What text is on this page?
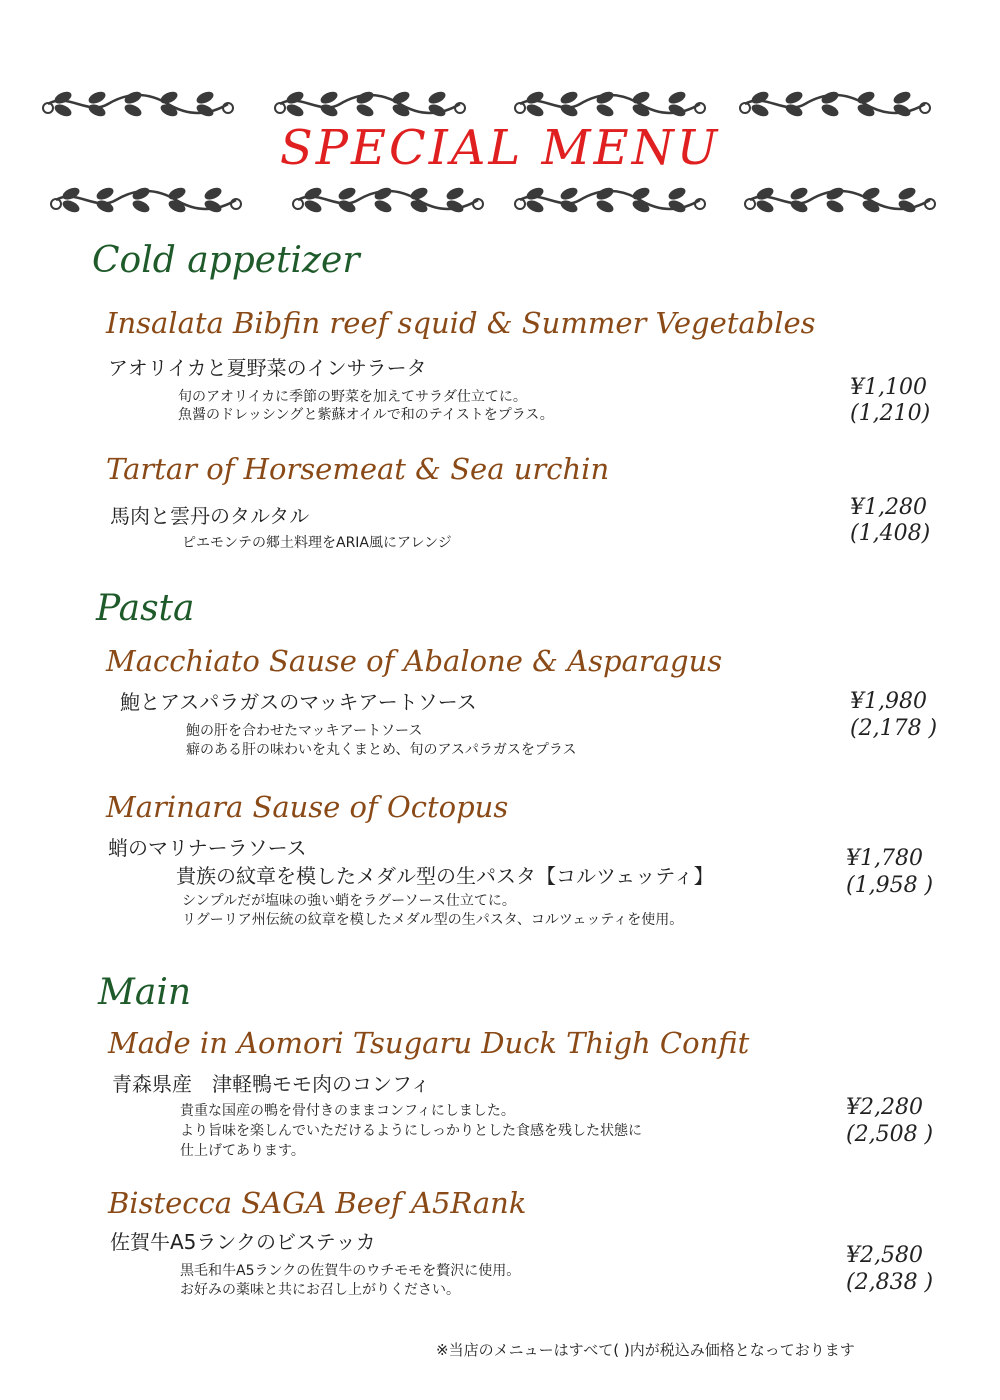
SPECIAL MENU
Cold appetizer
Insalata Bibfin reef squid & Summer Vegetables
アオリイカと夏野菜のインサラータ
旬のアオリイカに季節の野菜を加えてサラダ仕立てに。
魚醤のドレッシングと紫蘇オイルで和のテイストをプラス。
¥1,100
(1,210)
Tartar of Horsemeat & Sea urchin
馬肉と雲丹のタルタル
ピエモンテの郷土料理をARIA風にアレンジ
¥1,280
(1,408)
Pasta
Macchiato Sause of Abalone & Asparagus
鮑とアスパラガスのマッキアートソース
鮑の肝を合わせたマッキアートソース
癖のある肝の味わいを丸くまとめ、旬のアスパラガスをプラス
¥1,980
(2,178 )
Marinara Sause of Octopus
蛸のマリナーラソース
貴族の紋章を模したメダル型の生パスタ【コルツェッティ】
シンプルだが塩味の強い蛸をラグーソース仕立てに。
リグーリア州伝統の紋章を模したメダル型の生パスタ、コルツェッティを使用。
¥1,780
(1,958 )
Main
Made in Aomori Tsugaru Duck Thigh Confit
青森県産　津軽鴨モモ肉のコンフィ
貴重な国産の鴨を骨付きのままコンフィにしました。
より旨味を楽しんでいただけるようにしっかりとした食感を残した状態に
仕上げてあります。
¥2,280
(2,508 )
Bistecca SAGA Beef A5Rank
佐賀牛A5ランクのビステッカ
黒毛和牛A5ランクの佐賀牛のウチモモを贅沢に使用。
お好みの薬味と共にお召し上がりください。
¥2,580
(2,838 )
※当店のメニューはすべて( )内が税込み価格となっております
